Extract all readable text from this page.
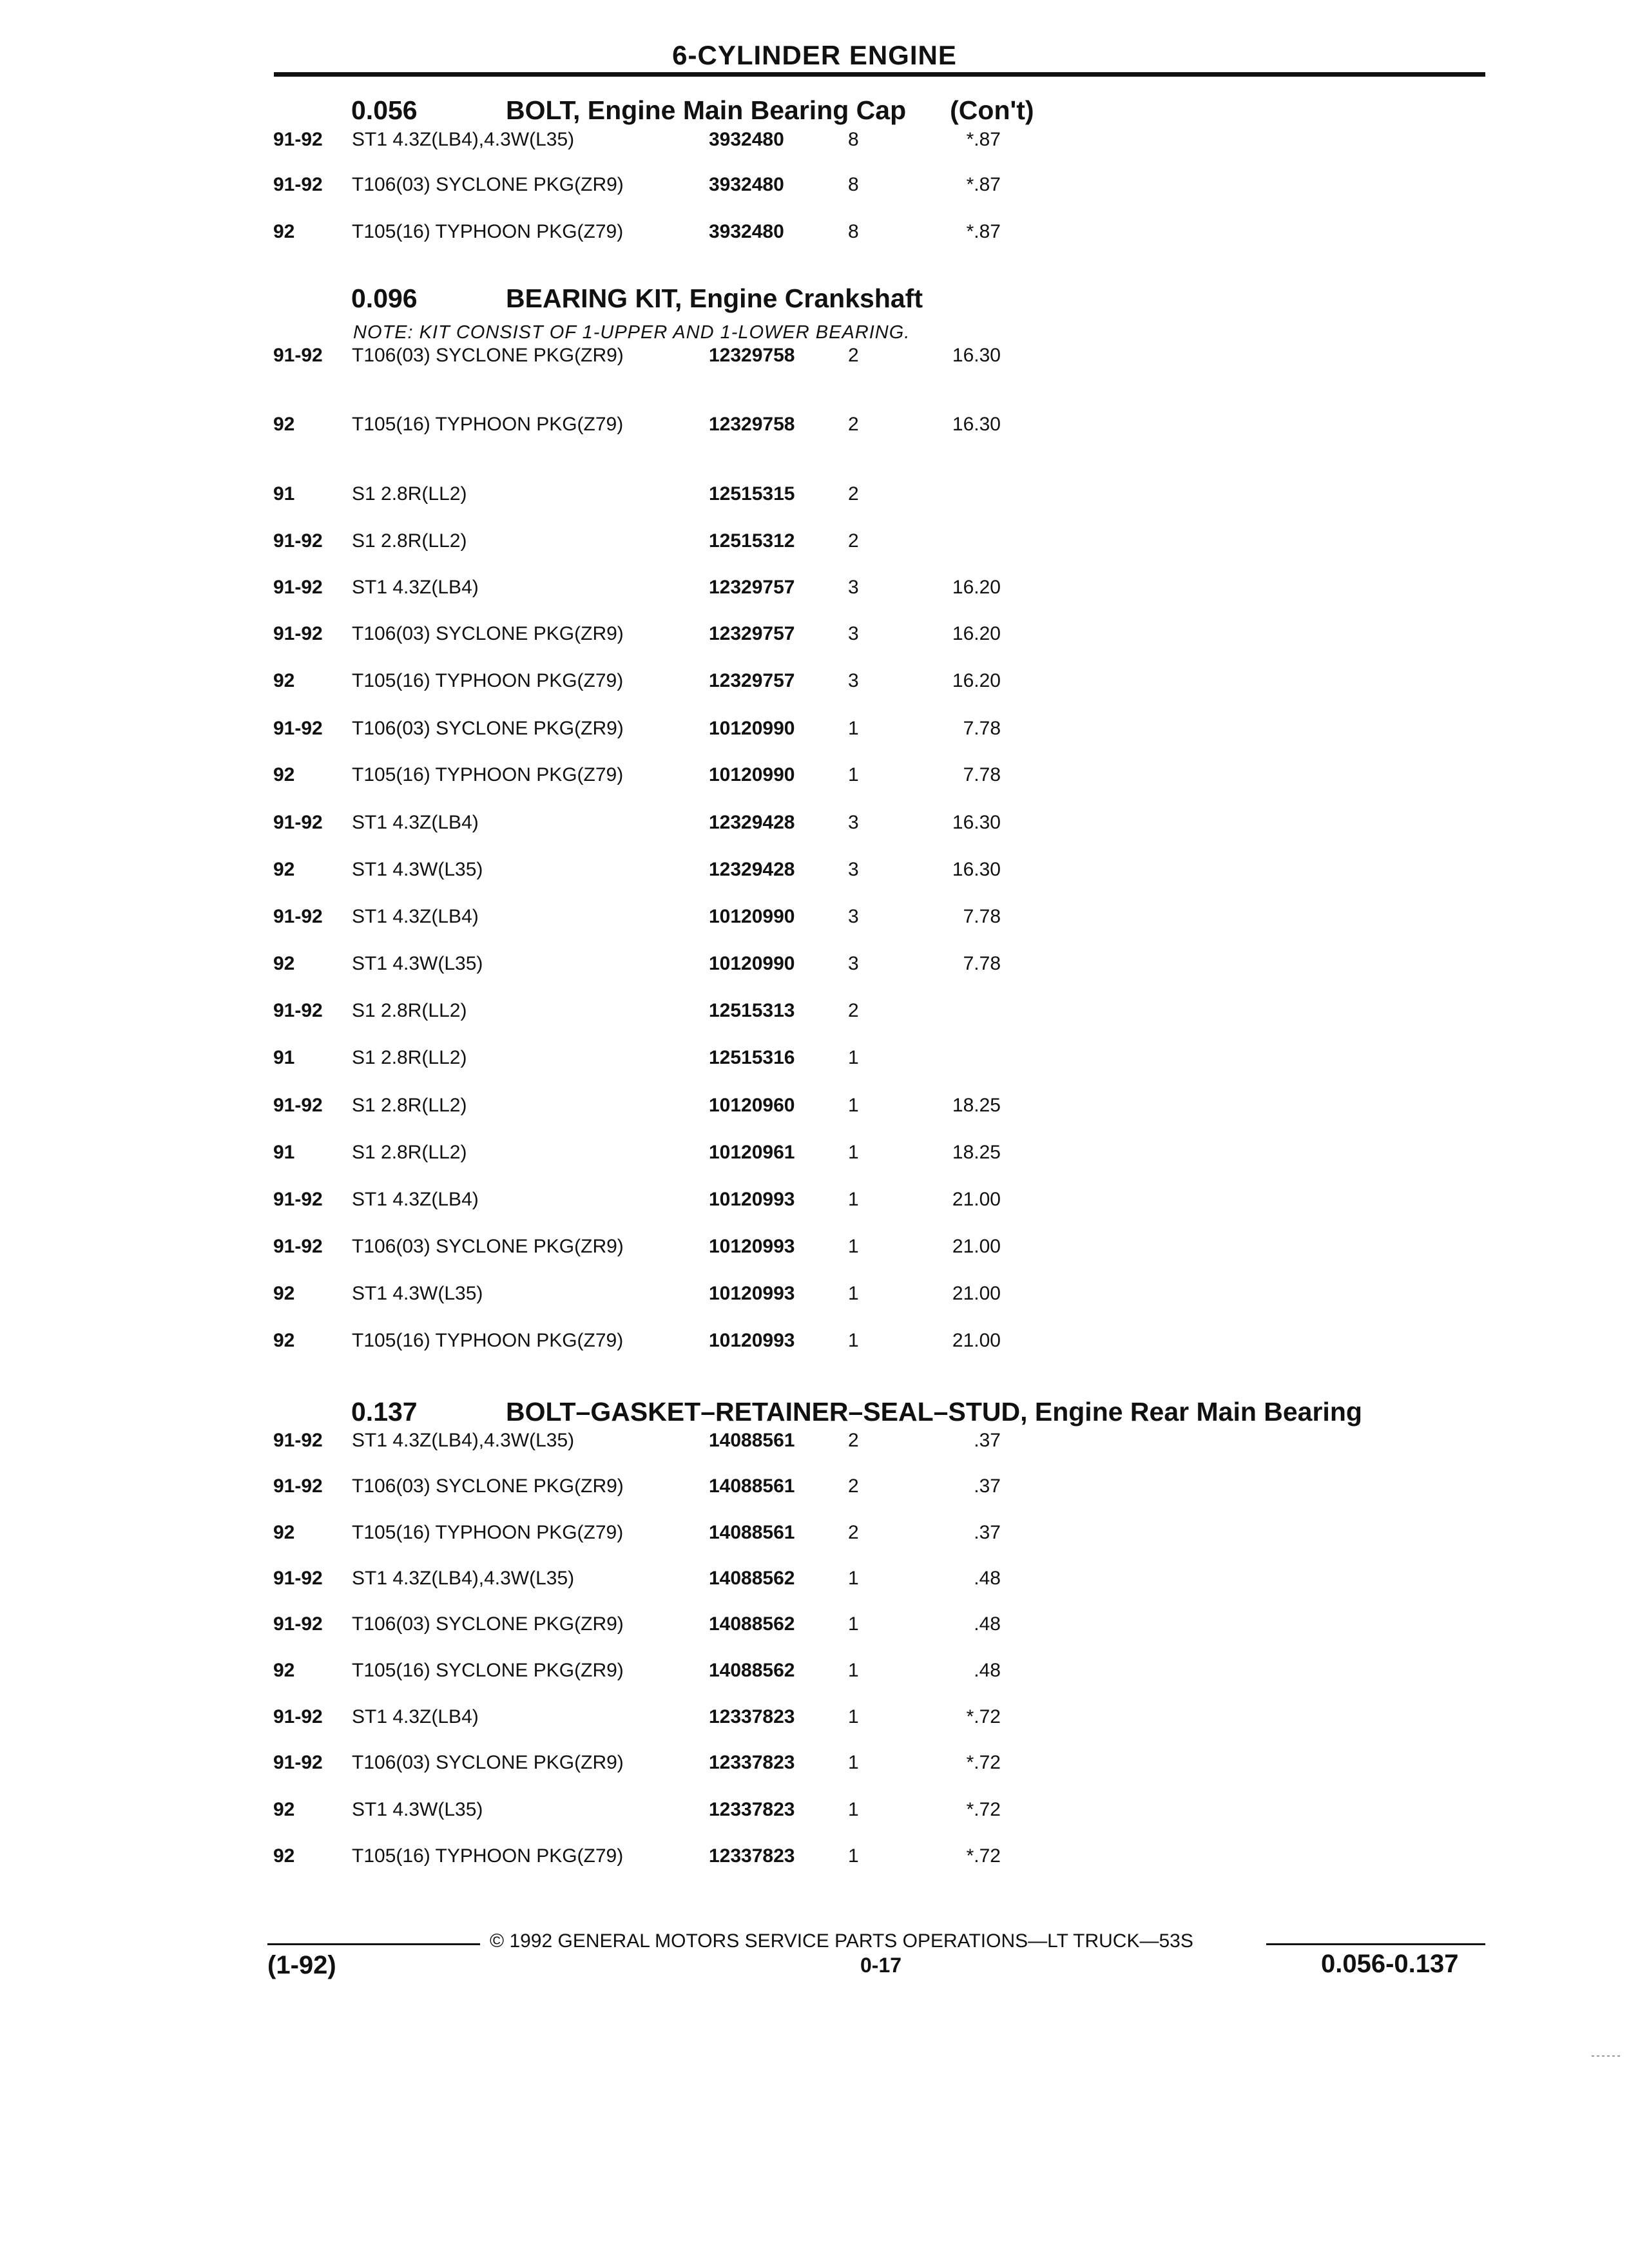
6-CYLINDER ENGINE
0.056	BOLT, Engine Main Bearing Cap (Con't)
0.096	BEARING KIT, Engine Crankshaft
NOTE: KIT CONSIST OF 1-UPPER AND 1-LOWER BEARING.
0.137	BOLT–GASKET–RETAINER–SEAL–STUD, Engine Rear Main Bearing
91-92 ST1 4.3Z(LB4),4.3W(L35)	3932480	8	*.87
91-92 T106(03) SYCLONE PKG(ZR9)	3932480	8	*.87
92	T105(16) TYPHOON PKG(Z79)	3932480	8	*.87
91-92 T106(03) SYCLONE PKG(ZR9)	12329758	2	16.30
92	T105(16) TYPHOON PKG(Z79)	12329758	2	16.30
91	S1 2.8R(LL2)	12515315	2
91-92 S1 2.8R(LL2)	12515312	2
91-92 ST1 4.3Z(LB4)	12329757	3	16.20
91-92 T106(03) SYCLONE PKG(ZR9)	12329757	3	16.20
92	T105(16) TYPHOON PKG(Z79)	12329757	3	16.20
91-92 T106(03) SYCLONE PKG(ZR9)	10120990	1	7.78
92	T105(16) TYPHOON PKG(Z79)	10120990	1	7.78
91-92 ST1 4.3Z(LB4)	12329428	3	16.30
92	ST1 4.3W(L35)	12329428	3	16.30
91-92 ST1 4.3Z(LB4)	10120990	3	7.78
92	ST1 4.3W(L35)	10120990	3	7.78
91-92 S1 2.8R(LL2)	12515313	2
91	S1 2.8R(LL2)	12515316	1
91-92 S1 2.8R(LL2)	10120960	1	18.25
91	S1 2.8R(LL2)	10120961	1	18.25
91-92 ST1 4.3Z(LB4)	10120993	1	21.00
91-92 T106(03) SYCLONE PKG(ZR9)	10120993	1	21.00
92	ST1 4.3W(L35)	10120993	1	21.00
92	T105(16) TYPHOON PKG(Z79)	10120993	1	21.00
91-92 ST1 4.3Z(LB4),4.3W(L35)	14088561	2	.37
91-92 T106(03) SYCLONE PKG(ZR9)	14088561	2	.37
92	T105(16) TYPHOON PKG(Z79)	14088561	2	.37
91-92 ST1 4.3Z(LB4),4.3W(L35)	14088562	1	.48
91-92 T106(03) SYCLONE PKG(ZR9)	14088562	1	.48
92	T105(16) SYCLONE PKG(ZR9)	14088562	1	.48
91-92 ST1 4.3Z(LB4)	12337823	1	*.72
91-92 T106(03) SYCLONE PKG(ZR9)	12337823	1	*.72
92	ST1 4.3W(L35)	12337823	1	*.72
92	T105(16) TYPHOON PKG(Z79)	12337823	1	*.72
© 1992 GENERAL MOTORS SERVICE PARTS OPERATIONS—LT TRUCK—53S
(1-92)	0-17	0.056-0.137
